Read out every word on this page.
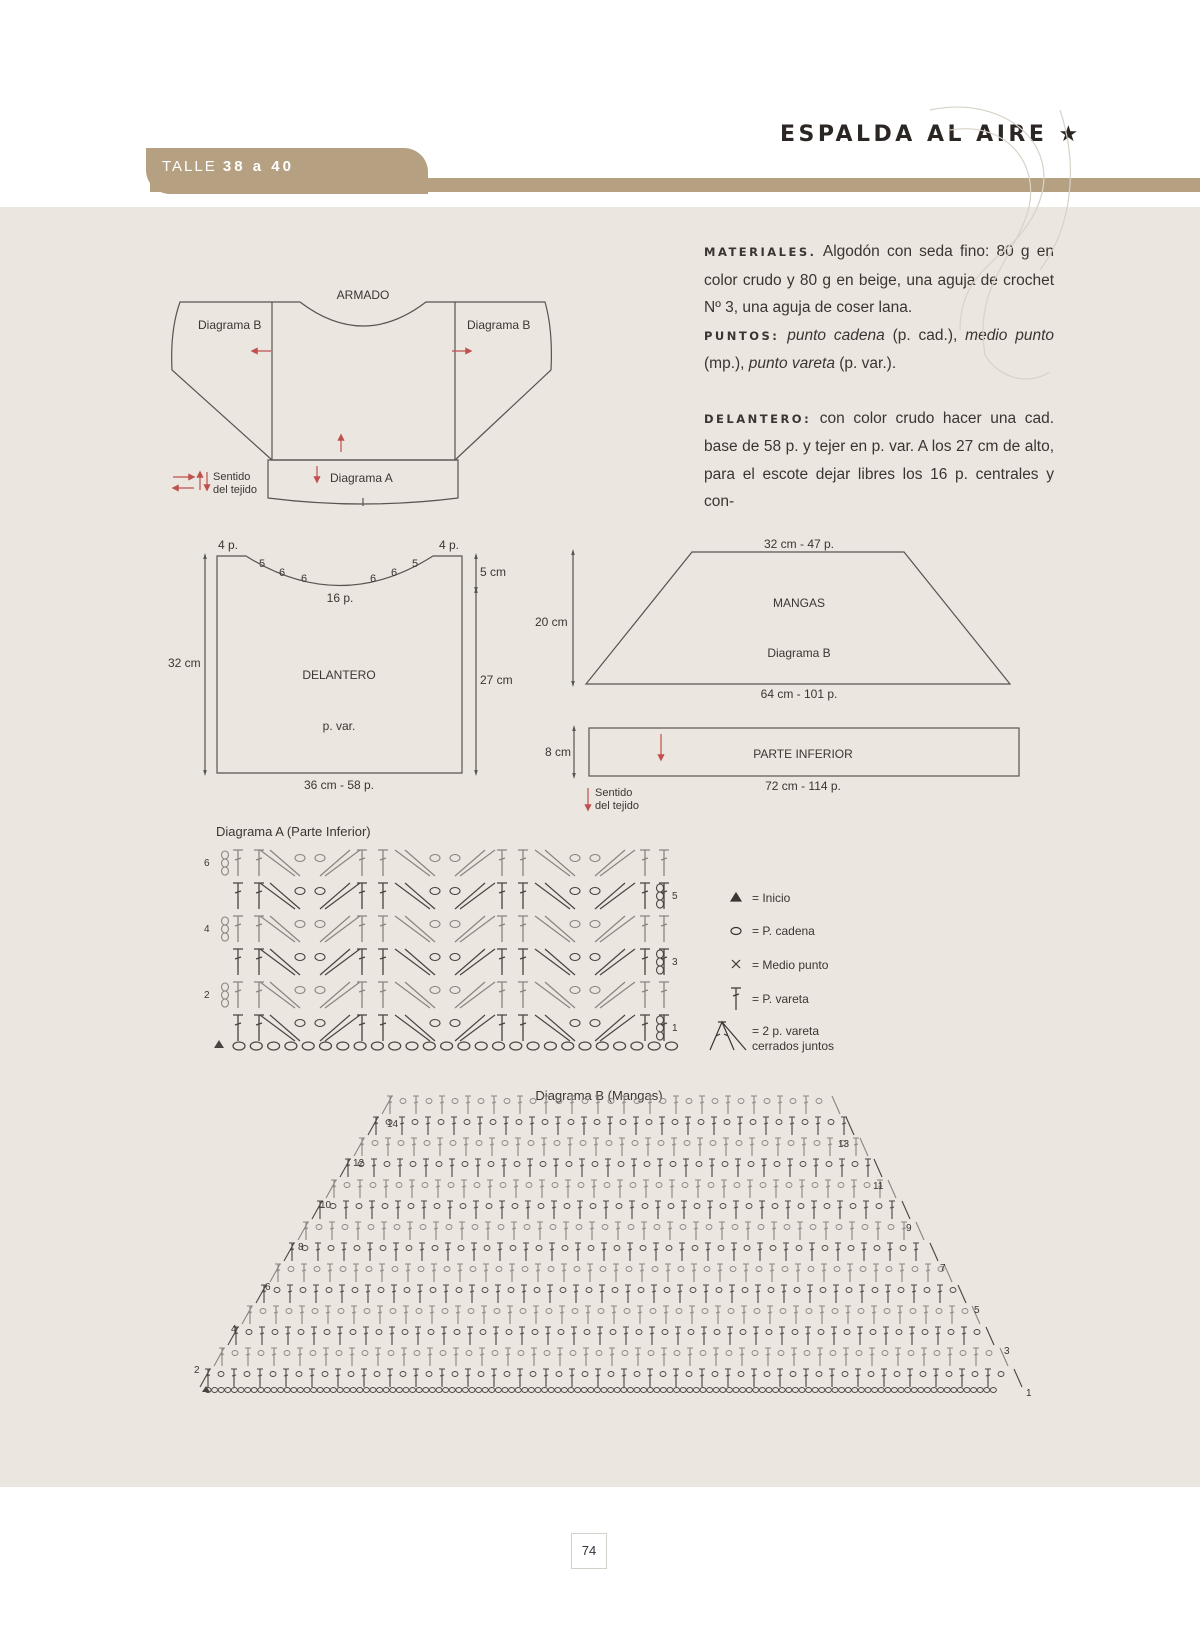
TALLE 38 a 40
ESPALDA AL AIRE ★

MATERIALES. Algodón con seda fino: 80 g en color crudo y 80 g en beige, una aguja de crochet Nº 3, una aguja de coser lana.

PUNTOS: punto cadena (p. cad.), medio punto (mp.), punto vareta (p. var.).

DELANTERO: con color crudo hacer una cad. base de 58 p. y tejer en p. var. A los 27 cm de alto, para el escote dejar libres los 16 p. centrales y con-

ARMADO
Diagrama B	Diagrama B
Diagrama A
Sentido
del tejido
DELANTERO
p. var.
36 cm - 58 p.
32 cm
27 cm
5 cm
16 p.
4 p.	4 p.
5
6 6	6 6
5
32 cm - 47 p.
MANGAS
Diagrama B
64 cm - 101 p.
20 cm
PARTE INFERIOR
72 cm - 114 p.
8 cm
Sentido
del tejido
Diagrama A (Parte Inferior)
6
4
2
5
3
1
= Inicio
= P. cadena
= Medio punto
= P. vareta
= 2 p. vareta
cerrados juntos
Diagrama B (Mangas)
14
12
10
8
6
4
2
13
11
9
7
5
3
1
74
